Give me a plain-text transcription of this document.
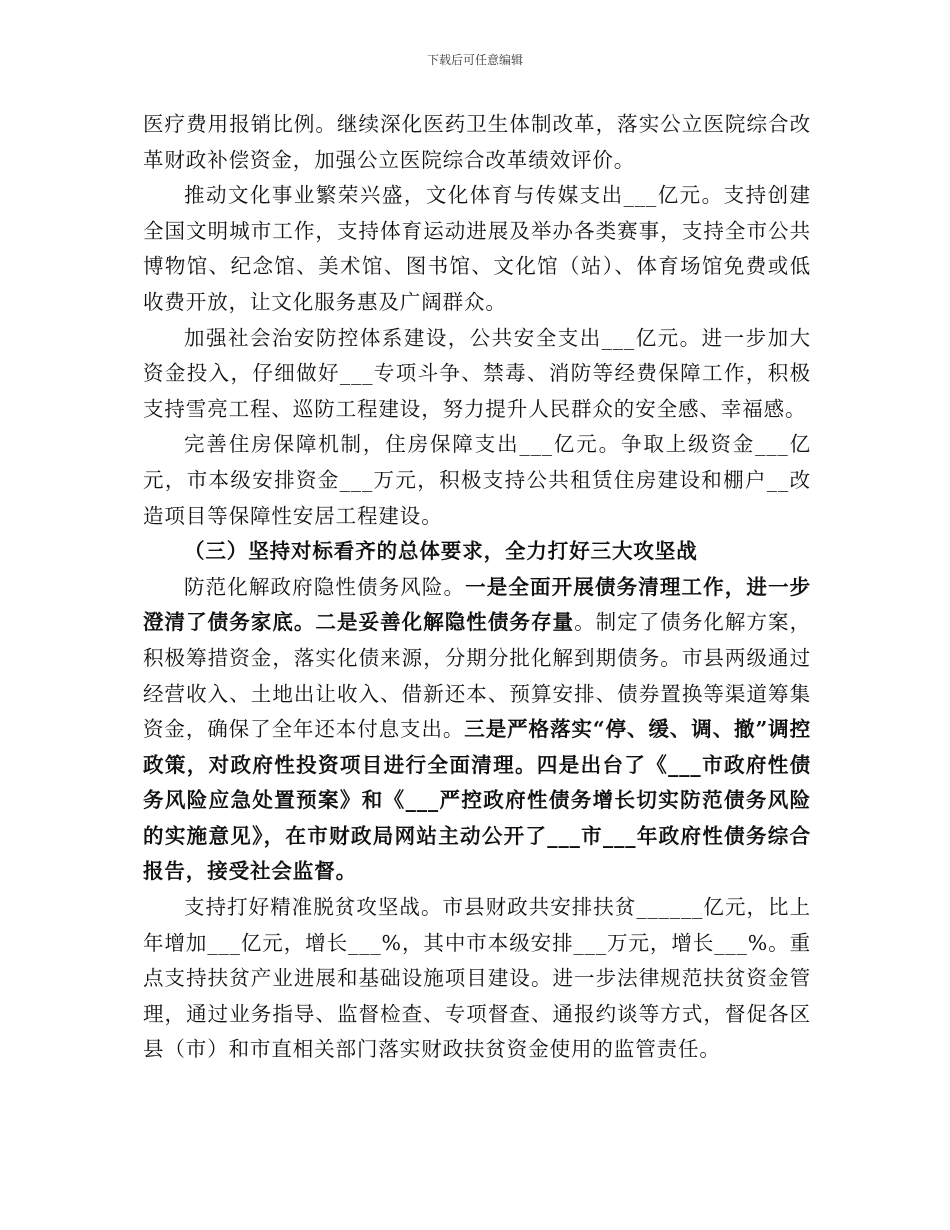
下载后可任意编辑

医疗费用报销比例。继续深化医药卫生体制改革，落实公立医院综合改革财政补偿资金，加强公立医院综合改革绩效评价。

推动文化事业繁荣兴盛，文化体育与传媒支出___亿元。支持创建全国文明城市工作，支持体育运动进展及举办各类赛事，支持全市公共博物馆、纪念馆、美术馆、图书馆、文化馆（站）、体育场馆免费或低收费开放，让文化服务惠及广阔群众。

加强社会治安防控体系建设，公共安全支出___亿元。进一步加大资金投入，仔细做好___专项斗争、禁毒、消防等经费保障工作，积极支持雪亮工程、巡防工程建设，努力提升人民群众的安全感、幸福感。

完善住房保障机制，住房保障支出___亿元。争取上级资金___亿元，市本级安排资金___万元，积极支持公共租赁住房建设和棚户__改造项目等保障性安居工程建设。

（三）坚持对标看齐的总体要求，全力打好三大攻坚战

防范化解政府隐性债务风险。一是全面开展债务清理工作，进一步澄清了债务家底。二是妥善化解隐性债务存量。制定了债务化解方案，积极筹措资金，落实化债来源，分期分批化解到期债务。市县两级通过经营收入、土地出让收入、借新还本、预算安排、债券置换等渠道筹集资金，确保了全年还本付息支出。三是严格落实“停、缓、调、撤”调控政策，对政府性投资项目进行全面清理。四是出台了《___市政府性债务风险应急处置预案》和《___严控政府性债务增长切实防范债务风险的实施意见》，在市财政局网站主动公开了___市___年政府性债务综合报告，接受社会监督。

支持打好精准脱贫攻坚战。市县财政共安排扶贫______亿元，比上年增加___亿元，增长___%，其中市本级安排___万元，增长___%。重点支持扶贫产业进展和基础设施项目建设。进一步法律规范扶贫资金管理，通过业务指导、监督检查、专项督查、通报约谈等方式，督促各区县（市）和市直相关部门落实财政扶贫资金使用的监管责任。
